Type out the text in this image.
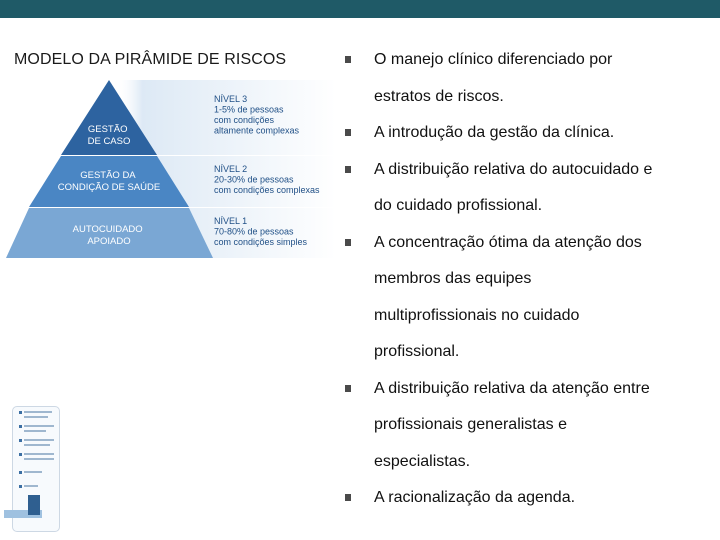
MODELO DA PIRÂMIDE DE RISCOS
GESTÃO DE CASO
GESTÃO DA CONDIÇÃO DE SAÚDE
AUTOCUIDADO APOIADO
NÍVEL 3 1-5% de pessoas com condições altamente complexas
NÍVEL 2 20-30% de pessoas com condições complexas
NÍVEL 1 70-80% de pessoas com condições simples
O manejo clínico diferenciado por
estratos de riscos.
A introdução da gestão da clínica.
A distribuição relativa do autocuidado e
do cuidado profissional.
A concentração ótima da atenção dos
membros das equipes
multiprofissionais no cuidado
profissional.
A distribuição relativa da atenção entre
profissionais generalistas e
especialistas.
A racionalização da agenda.
